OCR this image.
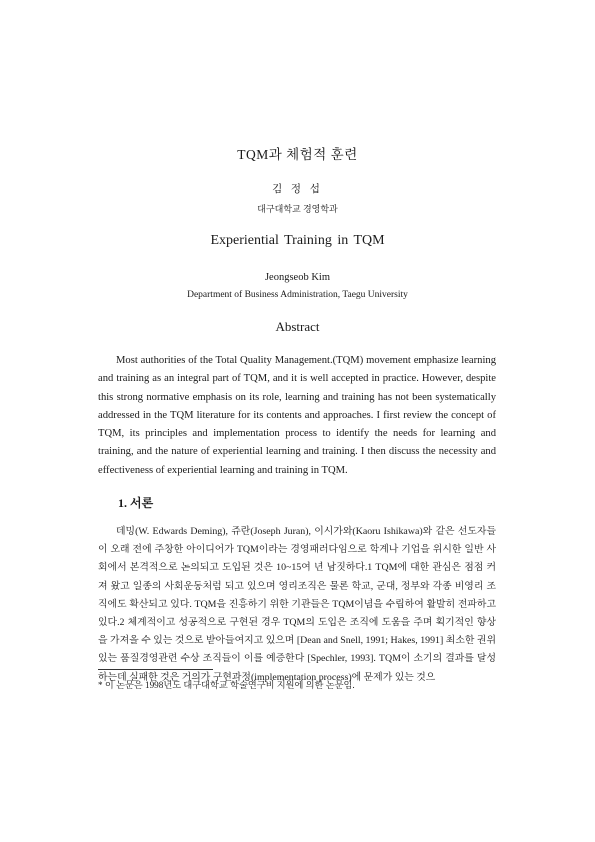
TQM과 체험적 훈련
김 정 섭
대구대학교 경영학과
Experiential Training in TQM
Jeongseob Kim
Department of Business Administration, Taegu University
Abstract

Most authorities of the Total Quality Management.(TQM) movement emphasize learning and training as an integral part of TQM, and it is well accepted in practice. However, despite this strong normative emphasis on its role, learning and training has not been systematically addressed in the TQM literature for its contents and approaches. I first review the concept of TQM, its principles and implementation process to identify the needs for learning and training, and the nature of experiential learning and training. I then discuss the necessity and effectiveness of experiential learning and training in TQM.

1. 서론

데밍(W. Edwards Deming), 쥬란(Joseph Juran), 이시가와(Kaoru Ishikawa)와 같은 선도자들이 오래 전에 주창한 아이디어가 TQM이라는 경영패러다임으로 학계나 기업을 위시한 일반 사회에서 본격적으로 논의되고 도입된 것은 10~15여 년 남짓하다.1 TQM에 대한 관심은 점점 커져 왔고 일종의 사회운동처럼 되고 있으며 영리조직은 물론 학교, 군대, 정부와 각종 비영리 조직에도 확산되고 있다. TQM을 진흥하기 위한 기관들은 TQM이념을 수립하여 활발히 전파하고 있다.2 체계적이고 성공적으로 구현된 경우 TQM의 도입은 조직에 도움을 주며 획기적인 향상을 가져올 수 있는 것으로 받아들여지고 있으며 [Dean and Snell, 1991; Hakes, 1991] 최소한 권위 있는 품질경영관련 수상 조직들이 이를 예증한다 [Spechler, 1993]. TQM이 소기의 결과를 달성하는데 실패한 것은 거의가 구현과정(implementation process)에 문제가 있는 것으

* 이 논문은 1998년도 대구대학교 학술연구비 지원에 의한 논문임.
